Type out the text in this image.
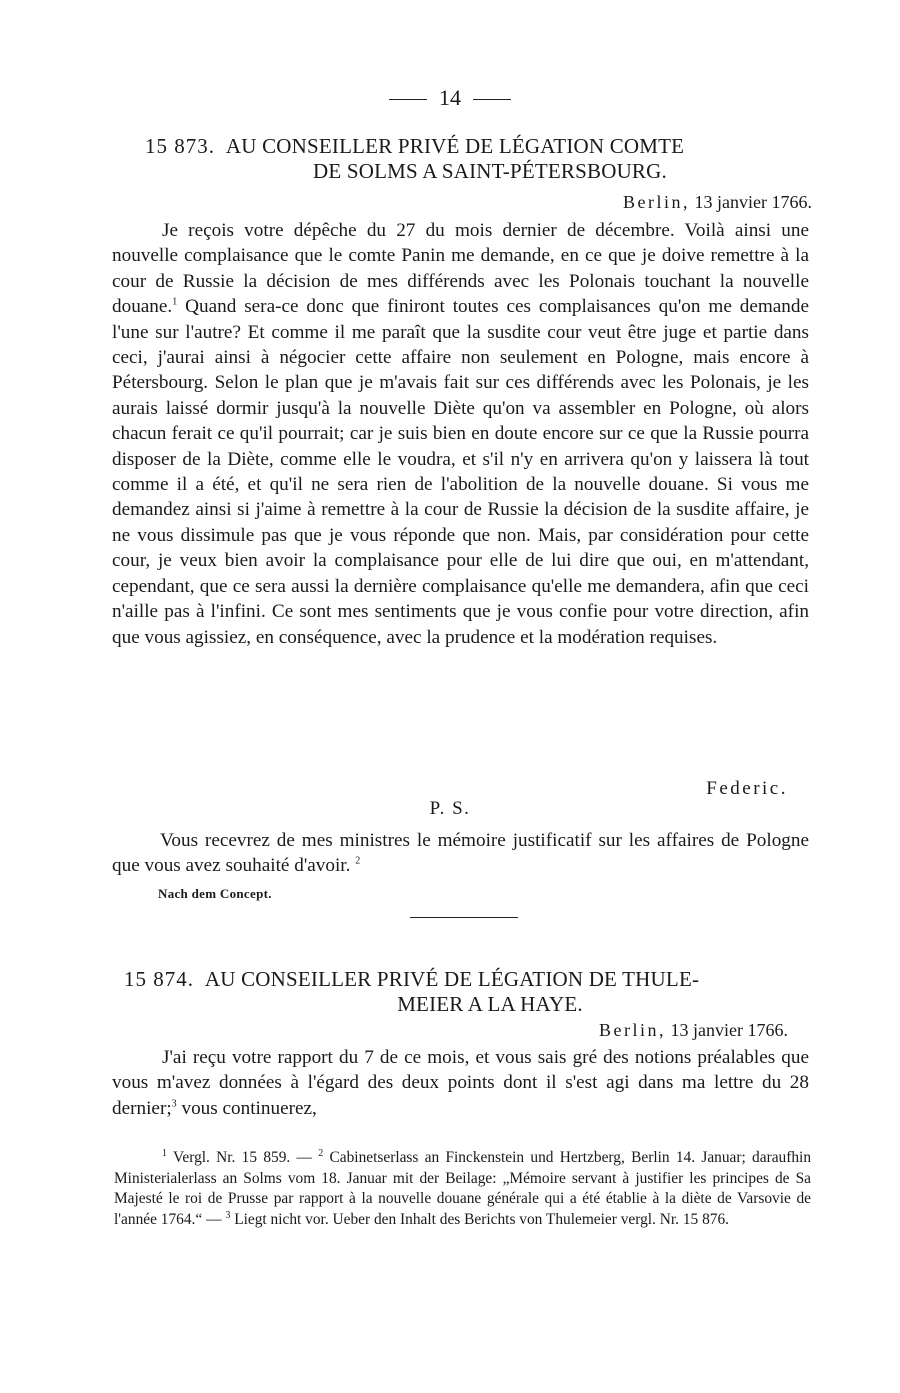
14
15 873. AU CONSEILLER PRIVÉ DE LÉGATION COMTE
DE SOLMS A SAINT-PÉTERSBOURG.
Berlin, 13 janvier 1766.

Je reçois votre dépêche du 27 du mois dernier de décembre. Voilà ainsi une nouvelle complaisance que le comte Panin me demande, en ce que je doive remettre à la cour de Russie la décision de mes différends avec les Polonais touchant la nouvelle douane.$^1$ Quand sera-ce donc que finiront toutes ces complaisances qu'on me demande l'une sur l'autre? Et comme il me paraît que la susdite cour veut être juge et partie dans ceci, j'aurai ainsi à négocier cette affaire non seulement en Pologne, mais encore à Pétersbourg. Selon le plan que je m'avais fait sur ces différends avec les Polonais, je les aurais laissé dormir jusqu'à la nouvelle Diète qu'on va assembler en Pologne, où alors chacun ferait ce qu'il pourrait; car je suis bien en doute encore sur ce que la Russie pourra disposer de la Diète, comme elle le voudra, et s'il n'y en arrivera qu'on y laissera là tout comme il a été, et qu'il ne sera rien de l'abolition de la nouvelle douane. Si vous me demandez ainsi si j'aime à remettre à la cour de Russie la décision de la susdite affaire, je ne vous dissimule pas que je vous réponde que non. Mais, par considération pour cette cour, je veux bien avoir la complaisance pour elle de lui dire que oui, en m'attendant, cependant, que ce sera aussi la dernière complaisance qu'elle me demandera, afin que ceci n'aille pas à l'infini. Ce sont mes sentiments que je vous confie pour votre direction, afin que vous agissiez, en conséquence, avec la prudence et la modération requises.

Federic.
P. S.

Vous recevrez de mes ministres le mémoire justificatif sur les affaires de Pologne que vous avez souhaité d'avoir. $^2$

Nach dem Concept.
15 874. AU CONSEILLER PRIVÉ DE LÉGATION DE THULE-
MEIER A LA HAYE.
Berlin, 13 janvier 1766.

J'ai reçu votre rapport du 7 de ce mois, et vous sais gré des notions préalables que vous m'avez données à l'égard des deux points dont il s'est agi dans ma lettre du 28 dernier;$^3$ vous continuerez,

$^1$ Vergl. Nr. 15 859. — $^2$ Cabinetserlass an Finckenstein und Hertzberg, Berlin 14. Januar; daraufhin Ministerialerlass an Solms vom 18. Januar mit der Beilage: „Mémoire servant à justifier les principes de Sa Majesté le roi de Prusse par rapport à la nouvelle douane générale qui a été établie à la diète de Varsovie de l'année 1764.“ — $^3$ Liegt nicht vor. Ueber den Inhalt des Berichts von Thulemeier vergl. Nr. 15 876.
